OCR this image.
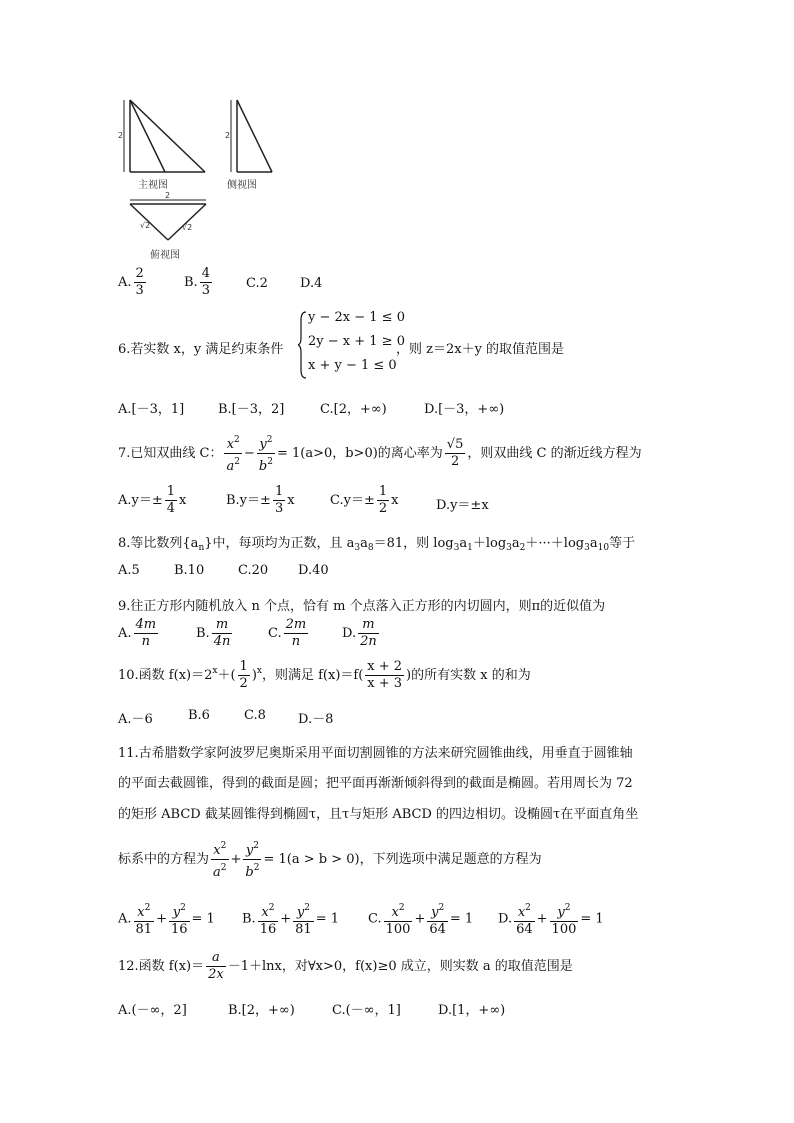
2	2
2
√2	√2
主视图	侧视图
俯视图
A. $\frac{2}{3}$	B. $\frac{4}{3}$	C.2 D.4
6.若实数 x，y 满足约束条件
y − 2x − 1 ≤ 0
2y − x + 1 ≥ 0
x + y − 1 ≤ 0
，则 z＝2x＋y 的取值范围是
A.[－3，1]	B.[－3，2]	C.[2，+∞)	D.[－3，+∞)
7.已知双曲线 C： $\frac{x^2}{a^2} - \frac{y^2}{b^2} = 1(a>0$，b>0)的离心率为 $\frac{√5}{2}$ ，则双曲线 C 的渐近线方程为
$A.y=\pm \frac{1}{4}$ x	$B.y=\pm \frac{1}{3}$ x	$C.y=\pm \frac{1}{2}$ x	D.y＝±x
8.等比数列$\{a_n\}$中，每项均为正数，且 $a_3a_8=81$，则 $\log_3a_1+\log_3a_2+\cdot\cdot\cdot+\log_3a_{10}$等于
A.5	B.10	C.20 D.40
9.往正方形内随机放入 n 个点，恰有 m 个点落入正方形的内切圆内，则π的近似值为
A. $\frac{4m}{n}$	B. $\frac{m}{4n}$	C. $\frac{2m}{n}$	D. $\frac{m}{2n}$
10.函数 $f(x)=2^x+( \frac{1}{2} )^x$，则满足 $f(x)=f( \frac{x + 2}{x + 3}$ )的所有实数 x 的和为
A.－6	B.6	C.8 D.－8
11.古希腊数学家阿波罗尼奥斯采用平面切割圆锥的方法来研究圆锥曲线，用垂直于圆锥轴
的平面去截圆锥，得到的截面是圆；把平面再渐渐倾斜得到的截面是椭圆。若用周长为 72
的矩形 ABCD 截某圆锥得到椭圆τ，且τ与矩形 ABCD 的四边相切。设椭圆τ在平面直角坐
标系中的方程为 $\frac{x^2}{a^2} + \frac{y^2}{b^2} = 1(a > b > 0)$，下列选项中满足题意的方程为
A. $\frac{x^2}{81} + \frac{y^2}{16} = 1$ B. $\frac{x^2}{16} + \frac{y^2}{81} = 1$ C. $\frac{x^2}{100} + \frac{y^2}{64} = 1$ D. $\frac{x^2}{64} + \frac{y^2}{100} = 1$
12.函数 $f(x)= \frac{a}{2x} -1+\ln x$，对∀x>0，f(x)≥0 成立，则实数 a 的取值范围是
A.(－∞，2]	B.[2，+∞)	C.(－∞，1]	D.[1，+∞)
